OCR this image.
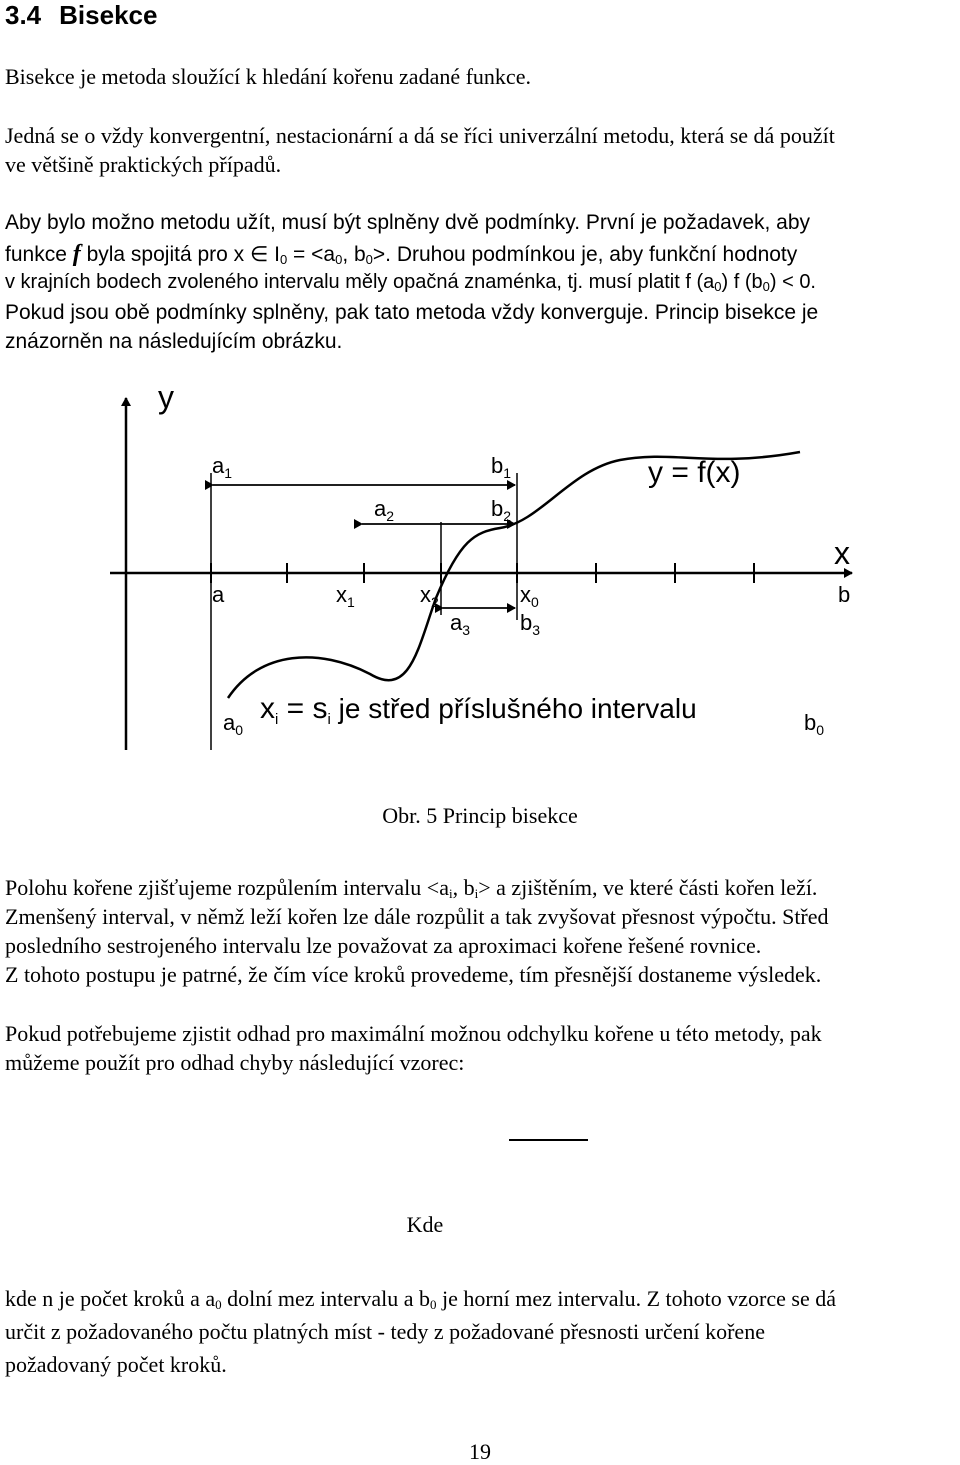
3.4 Bisekce
Bisekce je metoda sloužící k hledání kořenu zadané funkce.
Jedná se o vždy konvergentní, nestacionární a dá se říci univerzální metodu, která se dá použít
ve většině praktických případů.
Aby bylo možno metodu užít, musí být splněny dvě podmínky. První je požadavek, aby
funkce f byla spojitá pro x ∈ $I_0 = <a_0$, $b_0>$. Druhou podmínkou je, aby funkční hodnoty
v krajních bodech zvoleného intervalu měly opačná znaménka, tj. musí platit f $(a_0)$ f $(b_0) < 0$.
Pokud jsou obě podmínky splněny, pak tato metoda vždy konverguje. Princip bisekce je
znázorněn na následujícím obrázku.
y
x
y = f(x)
$a_1$	$b_1$
$a_2$	$b_2$
a	b
$x_1$	$x_2$	$x_0$
$a_3$ $b_3$
$a_0$	$b_0$
$x_i = s_i$ je střed příslušného intervalu
Obr. 5 Princip bisekce
Polohu kořene zjišťujeme rozpůlením intervalu $<a_i$, $b_i> a$ zjištěním, ve které části kořen leží.
Zmenšený interval, v němž leží kořen lze dále rozpůlit a tak zvyšovat přesnost výpočtu. Střed
posledního sestrojeného intervalu lze považovat za aproximaci kořene řešené rovnice.
Z tohoto postupu je patrné, že čím více kroků provedeme, tím přesnější dostaneme výsledek.
Pokud potřebujeme zjistit odhad pro maximální možnou odchylku kořene u této metody, pak
můžeme použít pro odhad chyby následující vzorec:
Kde
kde n je počet kroků a $a_0$ dolní mez intervalu a $b_0$ je horní mez intervalu. Z tohoto vzorce se dá
určit z požadovaného počtu platných míst - tedy z požadované přesnosti určení kořene
požadovaný počet kroků.
19
